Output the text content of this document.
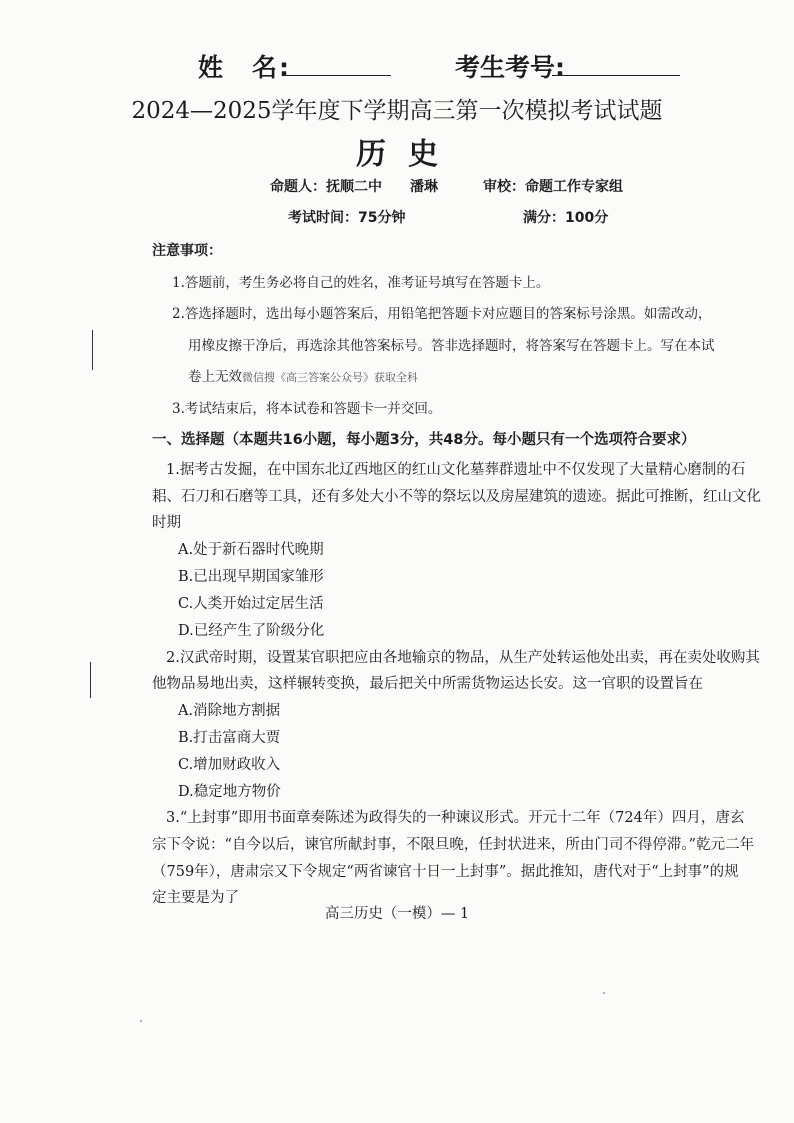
姓　名:	考生考号:
2024—2025学年度下学期高三第一次模拟考试试题
历史
命题人：抚顺二中　　潘琳	审校：命题工作专家组
考试时间：75分钟	满分：100分
注意事项：
1.答题前，考生务必将自己的姓名，准考证号填写在答题卡上。
2.答选择题时，选出每小题答案后，用铅笔把答题卡对应题目的答案标号涂黑。如需改动，
用橡皮擦干净后，再选涂其他答案标号。答非选择题时，将答案写在答题卡上。写在本试
卷上无效微信搜《高三答案公众号》获取全科
3.考试结束后，将本试卷和答题卡一并交回。
一、选择题（本题共16小题，每小题3分，共48分。每小题只有一个选项符合要求）
1.据考古发掘，在中国东北辽西地区的红山文化墓葬群遗址中不仅发现了大量精心磨制的石
耜、石刀和石磨等工具，还有多处大小不等的祭坛以及房屋建筑的遗迹。据此可推断，红山文化
时期
A.处于新石器时代晚期
B.已出现早期国家雏形
C.人类开始过定居生活
D.已经产生了阶级分化
2.汉武帝时期，设置某官职把应由各地输京的物品，从生产处转运他处出卖，再在卖处收购其
他物品易地出卖，这样辗转变换，最后把关中所需货物运达长安。这一官职的设置旨在
A.消除地方割据
B.打击富商大贾
C.增加财政收入
D.稳定地方物价
3.“上封事”即用书面章奏陈述为政得失的一种谏议形式。开元十二年（724年）四月，唐玄
宗下令说：“自今以后，谏官所献封事，不限旦晚，任封状进来，所由门司不得停滞。”乾元二年
（759年），唐肃宗又下令规定“两省谏官十日一上封事”。据此推知，唐代对于“上封事”的规
定主要是为了
高三历史（一模）— 1
